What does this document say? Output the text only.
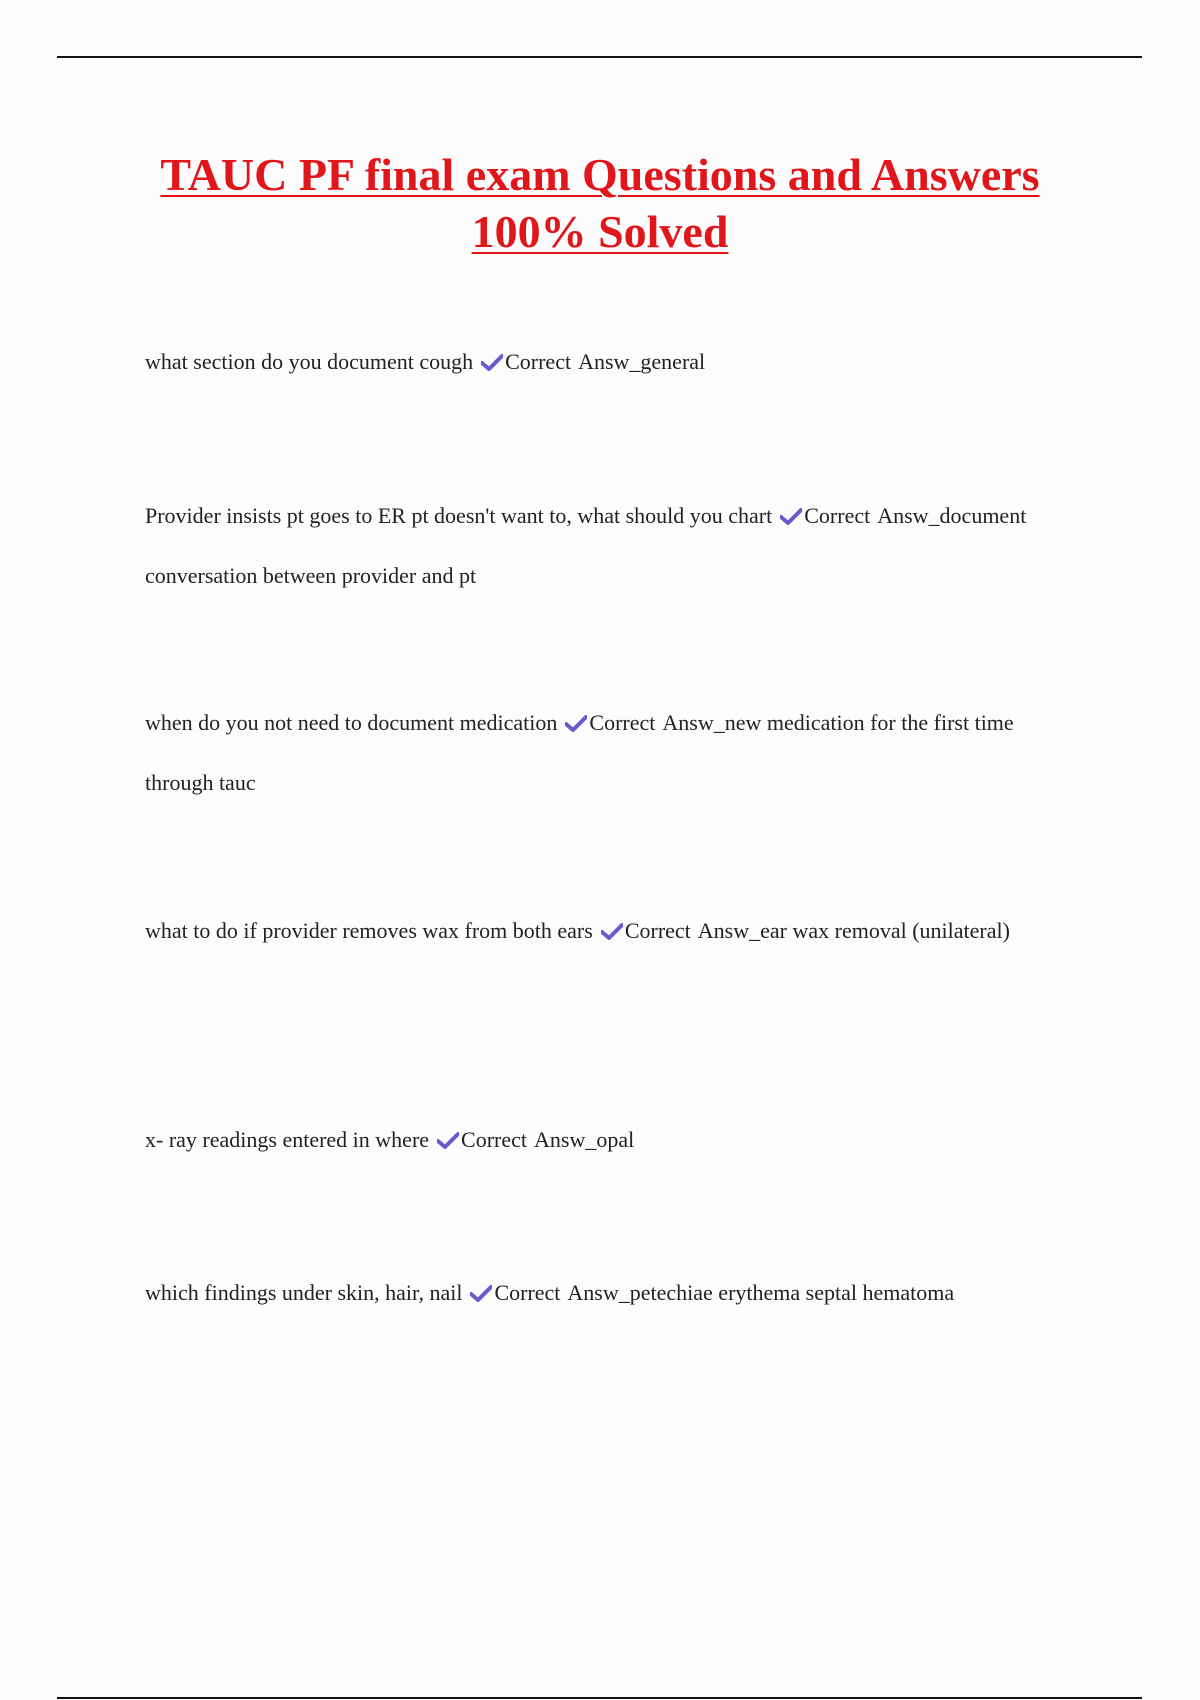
TAUC PF final exam Questions and Answers
100% Solved

what section do you document cough Correct Answ_general

Provider insists pt goes to ER pt doesn't want to, what should you chart Correct Answ_document conversation between provider and pt

when do you not need to document medication Correct Answ_new medication for the first time through tauc

what to do if provider removes wax from both ears Correct Answ_ear wax removal (unilateral)

x- ray readings entered in where Correct Answ_opal

which findings under skin, hair, nail Correct Answ_petechiae erythema septal hematoma
